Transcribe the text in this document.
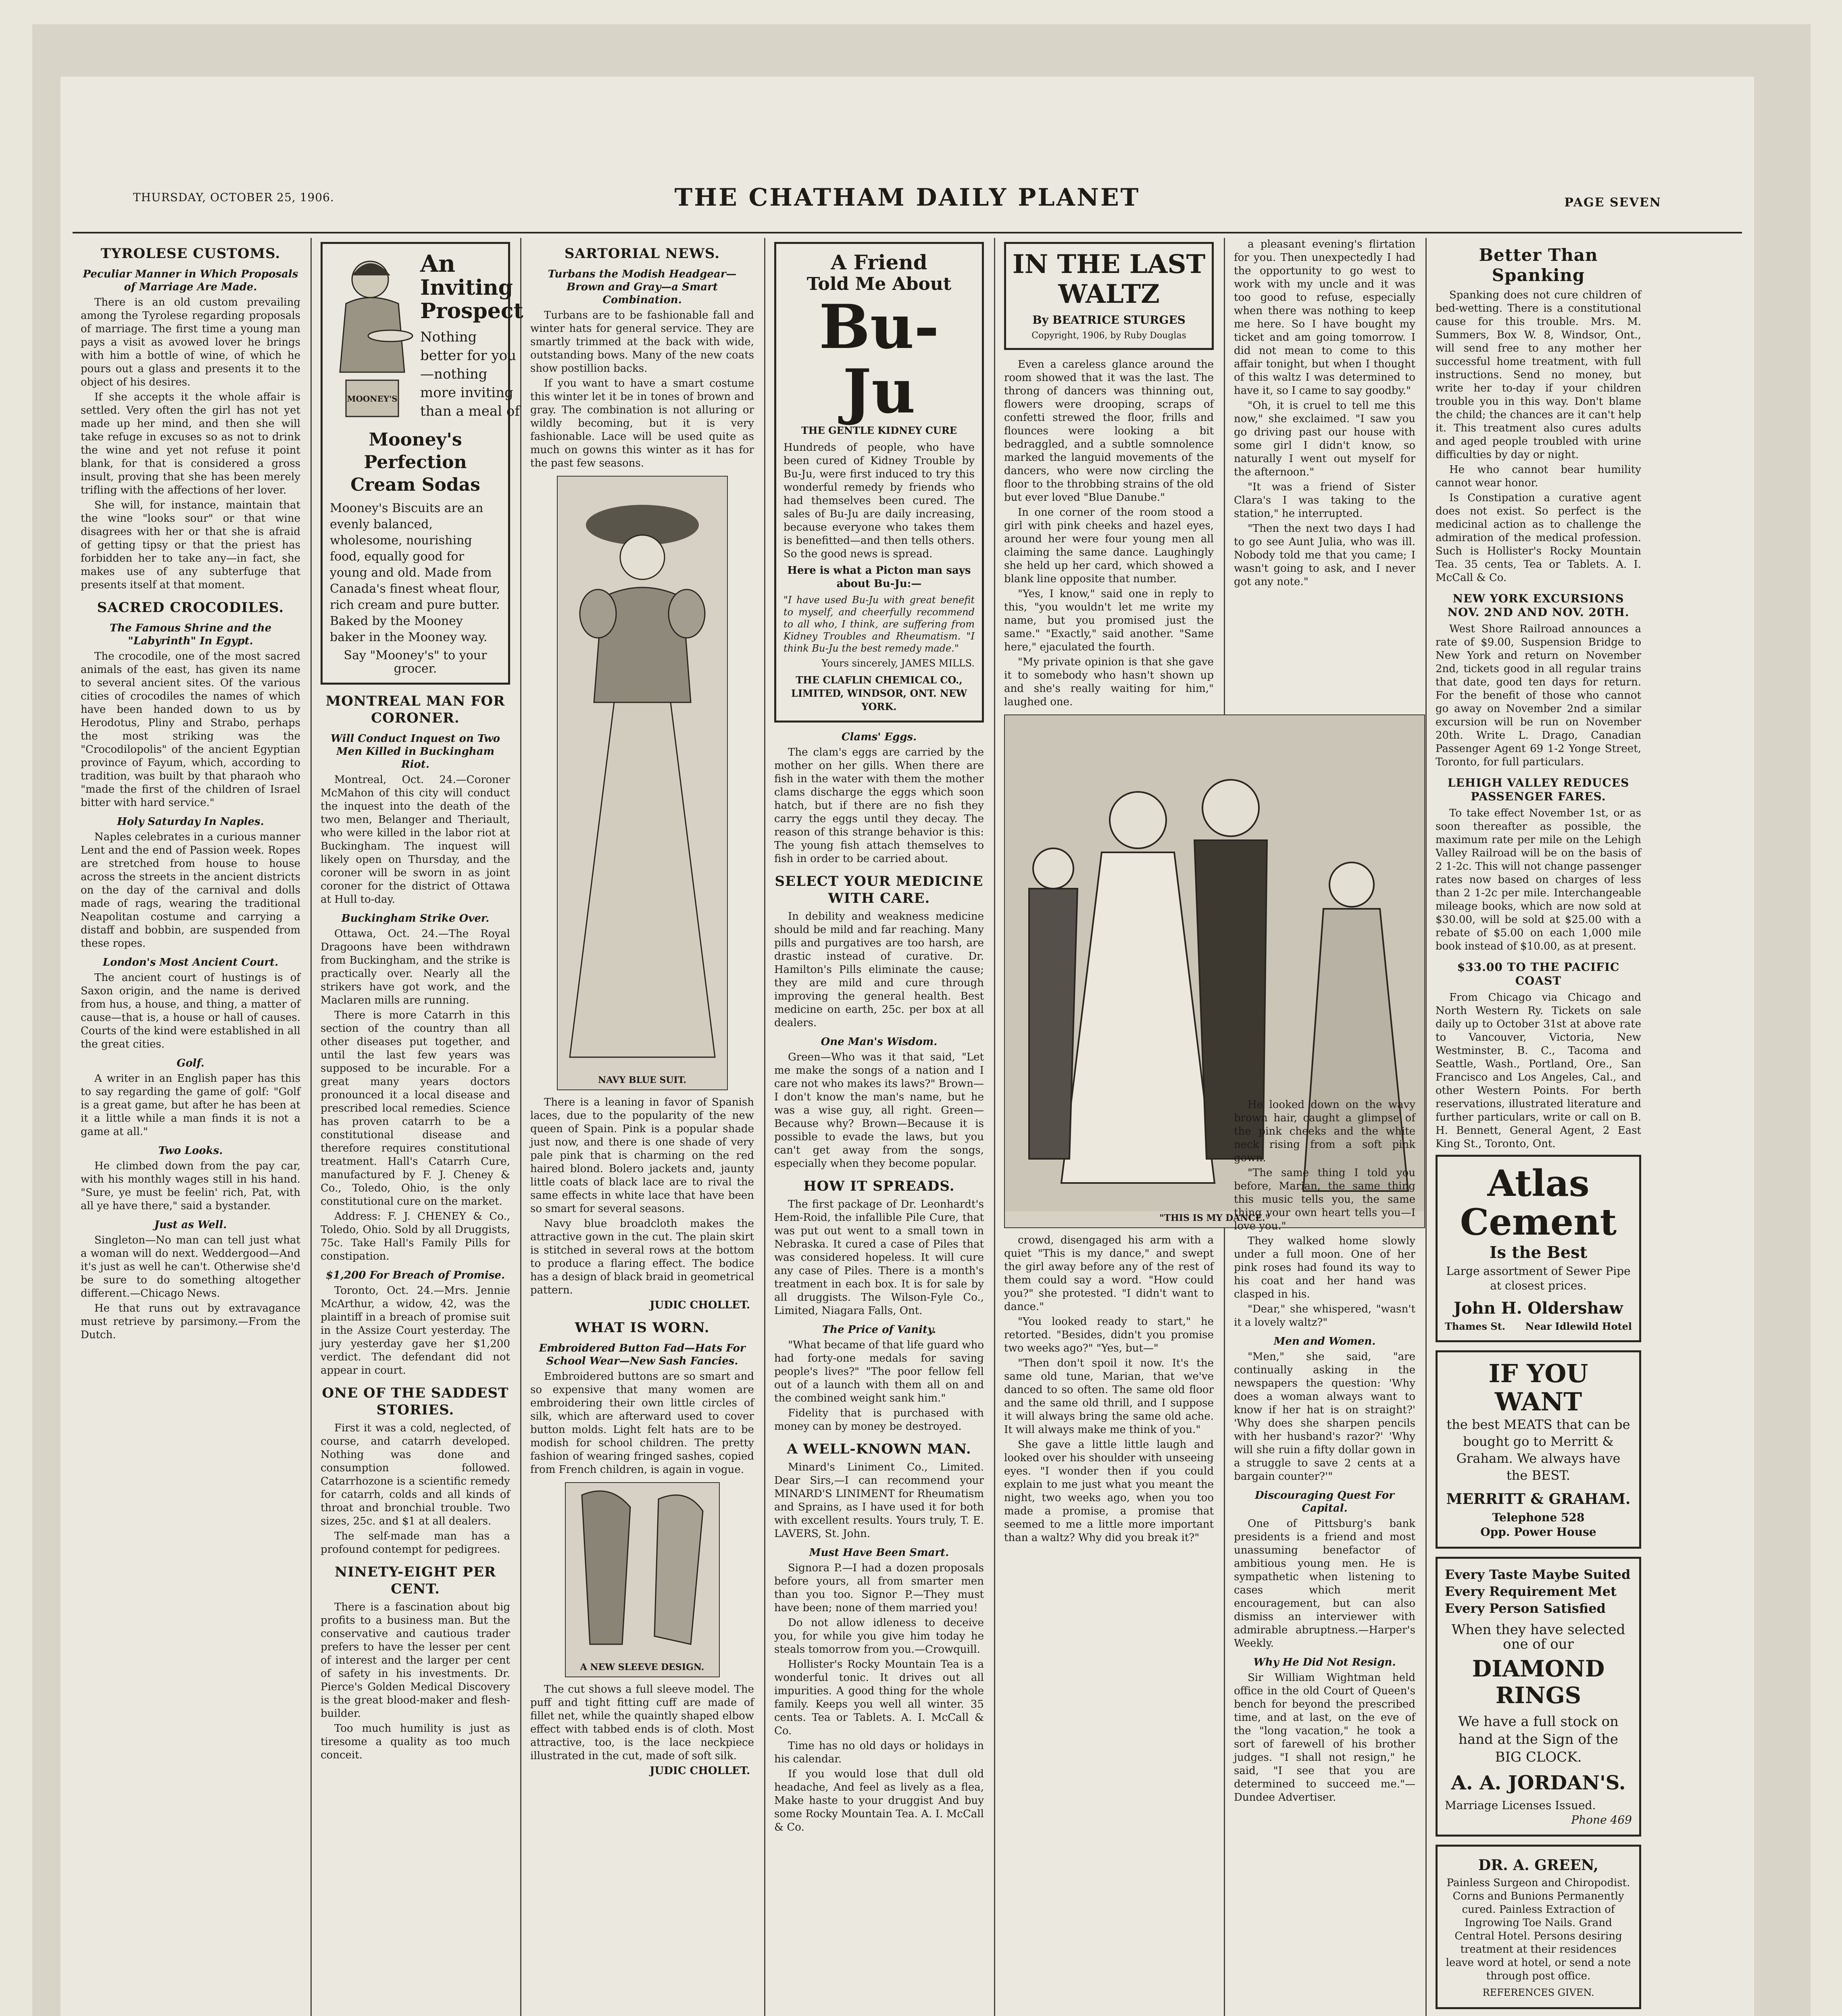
THURSDAY, OCTOBER 25, 1906.	THE CHATHAM DAILY PLANET	PAGE SEVEN
TYROLESE CUSTOMS.
Peculiar Manner in Which Proposals of Marriage Are Made.

There is an old custom prevailing among the Tyrolese regarding proposals of marriage. The first time a young man pays a visit as avowed lover he brings with him a bottle of wine, of which he pours out a glass and presents it to the object of his desires.

If she accepts it the whole affair is settled. Very often the girl has not yet made up her mind, and then she will take refuge in excuses so as not to drink the wine and yet not refuse it point blank, for that is considered a gross insult, proving that she has been merely trifling with the affections of her lover.

She will, for instance, maintain that the wine "looks sour" or that wine disagrees with her or that she is afraid of getting tipsy or that the priest has forbidden her to take any—in fact, she makes use of any subterfuge that presents itself at that moment.

SACRED CROCODILES.
The Famous Shrine and the "Labyrinth" In Egypt.

The crocodile, one of the most sacred animals of the east, has given its name to several ancient sites. Of the various cities of crocodiles the names of which have been handed down to us by Herodotus, Pliny and Strabo, perhaps the most striking was the "Crocodilopolis" of the ancient Egyptian province of Fayum, which, according to tradition, was built by that pharaoh who "made the first of the children of Israel bitter with hard service."

Holy Saturday In Naples.

Naples celebrates in a curious manner Lent and the end of Passion week. Ropes are stretched from house to house across the streets in the ancient districts on the day of the carnival and dolls made of rags, wearing the traditional Neapolitan costume and carrying a distaff and bobbin, are suspended from these ropes.

London's Most Ancient Court.

The ancient court of hustings is of Saxon origin, and the name is derived from hus, a house, and thing, a matter of cause—that is, a house or hall of causes. Courts of the kind were established in all the great cities.

Golf.

A writer in an English paper has this to say regarding the game of golf: "Golf is a great game, but after he has been at it a little while a man finds it is not a game at all."

Two Looks.

He climbed down from the pay car, with his monthly wages still in his hand. "Sure, ye must be feelin' rich, Pat, with all ye have there," said a bystander.

Just as Well.

Singleton—No man can tell just what a woman will do next. Weddergood—And it's just as well he can't. Otherwise she'd be sure to do something altogether different.—Chicago News.

He that runs out by extravagance must retrieve by parsimony.—From the Dutch.

MOONEY'S
An
Inviting
Prospect
Nothing better for you—nothing more inviting than a meal of
Mooney's Perfection Cream Sodas
Mooney's Biscuits are an evenly balanced, wholesome, nourishing food, equally good for young and old. Made from Canada's finest wheat flour, rich cream and pure butter. Baked by the Mooney baker in the Mooney way.
Say "Mooney's" to your grocer.
MONTREAL MAN FOR CORONER.
Will Conduct Inquest on Two Men Killed in Buckingham Riot.

Montreal, Oct. 24.—Coroner McMahon of this city will conduct the inquest into the death of the two men, Belanger and Theriault, who were killed in the labor riot at Buckingham. The inquest will likely open on Thursday, and the coroner will be sworn in as joint coroner for the district of Ottawa at Hull to-day.

Buckingham Strike Over.

Ottawa, Oct. 24.—The Royal Dragoons have been withdrawn from Buckingham, and the strike is practically over. Nearly all the strikers have got work, and the Maclaren mills are running.

There is more Catarrh in this section of the country than all other diseases put together, and until the last few years was supposed to be incurable. For a great many years doctors pronounced it a local disease and prescribed local remedies. Science has proven catarrh to be a constitutional disease and therefore requires constitutional treatment. Hall's Catarrh Cure, manufactured by F. J. Cheney & Co., Toledo, Ohio, is the only constitutional cure on the market.

Address: F. J. CHENEY & Co., Toledo, Ohio. Sold by all Druggists, 75c. Take Hall's Family Pills for constipation.

$1,200 For Breach of Promise.

Toronto, Oct. 24.—Mrs. Jennie McArthur, a widow, 42, was the plaintiff in a breach of promise suit in the Assize Court yesterday. The jury yesterday gave her $1,200 verdict. The defendant did not appear in court.

ONE OF THE SADDEST STORIES.

First it was a cold, neglected, of course, and catarrh developed. Nothing was done and consumption followed. Catarrhozone is a scientific remedy for catarrh, colds and all kinds of throat and bronchial trouble. Two sizes, 25c. and $1 at all dealers.

The self-made man has a profound contempt for pedigrees.

NINETY-EIGHT PER CENT.

There is a fascination about big profits to a business man. But the conservative and cautious trader prefers to have the lesser per cent of interest and the larger per cent of safety in his investments. Dr. Pierce's Golden Medical Discovery is the great blood-maker and flesh-builder.

Too much humility is just as tiresome a quality as too much conceit.

SARTORIAL NEWS.
Turbans the Modish Headgear—Brown and Gray—a Smart Combination.

Turbans are to be fashionable fall and winter hats for general service. They are smartly trimmed at the back with wide, outstanding bows. Many of the new coats show postillion backs.

If you want to have a smart costume this winter let it be in tones of brown and gray. The combination is not alluring or wildly becoming, but it is very fashionable. Lace will be used quite as much on gowns this winter as it has for the past few seasons.

NAVY BLUE SUIT.

There is a leaning in favor of Spanish laces, due to the popularity of the new queen of Spain. Pink is a popular shade just now, and there is one shade of very pale pink that is charming on the red haired blond. Bolero jackets and, jaunty little coats of black lace are to rival the same effects in white lace that have been so smart for several seasons.

Navy blue broadcloth makes the attractive gown in the cut. The plain skirt is stitched in several rows at the bottom to produce a flaring effect. The bodice has a design of black braid in geometrical pattern.

JUDIC CHOLLET.
WHAT IS WORN.
Embroidered Button Fad—Hats For School Wear—New Sash Fancies.

Embroidered buttons are so smart and so expensive that many women are embroidering their own little circles of silk, which are afterward used to cover button molds. Light felt hats are to be modish for school children. The pretty fashion of wearing fringed sashes, copied from French children, is again in vogue.

A NEW SLEEVE DESIGN.

The cut shows a full sleeve model. The puff and tight fitting cuff are made of fillet net, while the quaintly shaped elbow effect with tabbed ends is of cloth. Most attractive, too, is the lace neckpiece illustrated in the cut, made of soft silk.

JUDIC CHOLLET.
A Friend
Told Me About
Bu-Ju
THE GENTLE KIDNEY CURE
Hundreds of people, who have been cured of Kidney Trouble by Bu-Ju, were first induced to try this wonderful remedy by friends who had themselves been cured. The sales of Bu-Ju are daily increasing, because everyone who takes them is benefitted—and then tells others. So the good news is spread.
Here is what a Picton man says about Bu-Ju:—
"I have used Bu-Ju with great benefit to myself, and cheerfully recommend to all who, I think, are suffering from Kidney Troubles and Rheumatism. "I think Bu-Ju the best remedy made."
Yours sincerely, JAMES MILLS.
THE CLAFLIN CHEMICAL CO., LIMITED, WINDSOR, ONT. NEW YORK.
Clams' Eggs.

The clam's eggs are carried by the mother on her gills. When there are fish in the water with them the mother clams discharge the eggs which soon hatch, but if there are no fish they carry the eggs until they decay. The reason of this strange behavior is this: The young fish attach themselves to fish in order to be carried about.

SELECT YOUR MEDICINE WITH CARE.

In debility and weakness medicine should be mild and far reaching. Many pills and purgatives are too harsh, are drastic instead of curative. Dr. Hamilton's Pills eliminate the cause; they are mild and cure through improving the general health. Best medicine on earth, 25c. per box at all dealers.

One Man's Wisdom.

Green—Who was it that said, "Let me make the songs of a nation and I care not who makes its laws?" Brown—I don't know the man's name, but he was a wise guy, all right. Green—Because why? Brown—Because it is possible to evade the laws, but you can't get away from the songs, especially when they become popular.

HOW IT SPREADS.

The first package of Dr. Leonhardt's Hem-Roid, the infallible Pile Cure, that was put out went to a small town in Nebraska. It cured a case of Piles that was considered hopeless. It will cure any case of Piles. There is a month's treatment in each box. It is for sale by all druggists. The Wilson-Fyle Co., Limited, Niagara Falls, Ont.

The Price of Vanity.

"What became of that life guard who had forty-one medals for saving people's lives?" "The poor fellow fell out of a launch with them all on and the combined weight sank him."

Fidelity that is purchased with money can by money be destroyed.

A WELL-KNOWN MAN.

Minard's Liniment Co., Limited. Dear Sirs,—I can recommend your MINARD'S LINIMENT for Rheumatism and Sprains, as I have used it for both with excellent results. Yours truly, T. E. LAVERS, St. John.

Must Have Been Smart.

Signora P.—I had a dozen proposals before yours, all from smarter men than you too. Signor P.—They must have been; none of them married you!

Do not allow idleness to deceive you, for while you give him today he steals tomorrow from you.—Crowquill.

Hollister's Rocky Mountain Tea is a wonderful tonic. It drives out all impurities. A good thing for the whole family. Keeps you well all winter. 35 cents. Tea or Tablets. A. I. McCall & Co.

Time has no old days or holidays in his calendar.

If you would lose that dull old headache, And feel as lively as a flea, Make haste to your druggist And buy some Rocky Mountain Tea. A. I. McCall & Co.

IN THE LAST WALTZ
By BEATRICE STURGES
Copyright, 1906, by Ruby Douglas

Even a careless glance around the room showed that it was the last. The throng of dancers was thinning out, flowers were drooping, scraps of confetti strewed the floor, frills and flounces were looking a bit bedraggled, and a subtle somnolence marked the languid movements of the dancers, who were now circling the floor to the throbbing strains of the old but ever loved "Blue Danube."

In one corner of the room stood a girl with pink cheeks and hazel eyes, around her were four young men all claiming the same dance. Laughingly she held up her card, which showed a blank line opposite that number.

"Yes, I know," said one in reply to this, "you wouldn't let me write my name, but you promised just the same." "Exactly," said another. "Same here," ejaculated the fourth.

"My private opinion is that she gave it to somebody who hasn't shown up and she's really waiting for him," laughed one.

"THIS IS MY DANCE."

crowd, disengaged his arm with a quiet "This is my dance," and swept the girl away before any of the rest of them could say a word. "How could you?" she protested. "I didn't want to dance."

"You looked ready to start," he retorted. "Besides, didn't you promise two weeks ago?" "Yes, but—"

"Then don't spoil it now. It's the same old tune, Marian, that we've danced to so often. The same old floor and the same old thrill, and I suppose it will always bring the same old ache. It will always make me think of you."

She gave a little little laugh and looked over his shoulder with unseeing eyes. "I wonder then if you could explain to me just what you meant the night, two weeks ago, when you too made a promise, a promise that seemed to me a little more important than a waltz? Why did you break it?"

a pleasant evening's flirtation for you. Then unexpectedly I had the opportunity to go west to work with my uncle and it was too good to refuse, especially when there was nothing to keep me here. So I have bought my ticket and am going tomorrow. I did not mean to come to this affair tonight, but when I thought of this waltz I was determined to have it, so I came to say goodby."

"Oh, it is cruel to tell me this now," she exclaimed. "I saw you go driving past our house with some girl I didn't know, so naturally I went out myself for the afternoon."

"It was a friend of Sister Clara's I was taking to the station," he interrupted.

"Then the next two days I had to go see Aunt Julia, who was ill. Nobody told me that you came; I wasn't going to ask, and I never got any note."

He looked down on the wavy brown hair, caught a glimpse of the pink cheeks and the white neck rising from a soft pink gown.

"The same thing I told you before, Marian, the same thing this music tells you, the same thing your own heart tells you—I love you."

They walked home slowly under a full moon. One of her pink roses had found its way to his coat and her hand was clasped in his.

"Dear," she whispered, "wasn't it a lovely waltz?"

Men and Women.

"Men," she said, "are continually asking in the newspapers the question: 'Why does a woman always want to know if her hat is on straight?' 'Why does she sharpen pencils with her husband's razor?' 'Why will she ruin a fifty dollar gown in a struggle to save 2 cents at a bargain counter?'"

Discouraging Quest For Capital.

One of Pittsburg's bank presidents is a friend and most unassuming benefactor of ambitious young men. He is sympathetic when listening to cases which merit encouragement, but can also dismiss an interviewer with admirable abruptness.—Harper's Weekly.

Why He Did Not Resign.

Sir William Wightman held office in the old Court of Queen's bench for beyond the prescribed time, and at last, on the eve of the "long vacation," he took a sort of farewell of his brother judges. "I shall not resign," he said, "I see that you are determined to succeed me."—Dundee Advertiser.

Better Than Spanking

Spanking does not cure children of bed-wetting. There is a constitutional cause for this trouble. Mrs. M. Summers, Box W. 8, Windsor, Ont., will send free to any mother her successful home treatment, with full instructions. Send no money, but write her to-day if your children trouble you in this way. Don't blame the child; the chances are it can't help it. This treatment also cures adults and aged people troubled with urine difficulties by day or night.

He who cannot bear humility cannot wear honor.

Is Constipation a curative agent does not exist. So perfect is the medicinal action as to challenge the admiration of the medical profession. Such is Hollister's Rocky Mountain Tea. 35 cents, Tea or Tablets. A. I. McCall & Co.

NEW YORK EXCURSIONS NOV. 2ND AND NOV. 20TH.

West Shore Railroad announces a rate of $9.00, Suspension Bridge to New York and return on November 2nd, tickets good in all regular trains that date, good ten days for return. For the benefit of those who cannot go away on November 2nd a similar excursion will be run on November 20th. Write L. Drago, Canadian Passenger Agent 69 1-2 Yonge Street, Toronto, for full particulars.

LEHIGH VALLEY REDUCES PASSENGER FARES.

To take effect November 1st, or as soon thereafter as possible, the maximum rate per mile on the Lehigh Valley Railroad will be on the basis of 2 1-2c. This will not change passenger rates now based on charges of less than 2 1-2c per mile. Interchangeable mileage books, which are now sold at $30.00, will be sold at $25.00 with a rebate of $5.00 on each 1,000 mile book instead of $10.00, as at present.

$33.00 TO THE PACIFIC COAST

From Chicago via Chicago and North Western Ry. Tickets on sale daily up to October 31st at above rate to Vancouver, Victoria, New Westminster, B. C., Tacoma and Seattle, Wash., Portland, Ore., San Francisco and Los Angeles, Cal., and other Western Points. For berth reservations, illustrated literature and further particulars, write or call on B. H. Bennett, General Agent, 2 East King St., Toronto, Ont.

Atlas
Cement
Is the Best
Large assortment of Sewer Pipe at closest prices.
John H. Oldershaw
Thames St. Near Idlewild Hotel
IF YOU WANT
the best MEATS that can be bought go to Merritt & Graham. We always have the BEST.
MERRITT & GRAHAM.
Telephone 528
Opp. Power House
Every Taste Maybe Suited
Every Requirement Met
Every Person Satisfied
When they have selected one of our
DIAMOND RINGS
We have a full stock on hand at the Sign of the BIG CLOCK.
A. A. JORDAN'S.
Marriage Licenses Issued.
Phone 469
DR. A. GREEN,
Painless Surgeon and Chiropodist. Corns and Bunions Permanently cured. Painless Extraction of Ingrowing Toe Nails. Grand Central Hotel. Persons desiring treatment at their residences leave word at hotel, or send a note through post office.
REFERENCES GIVEN.
